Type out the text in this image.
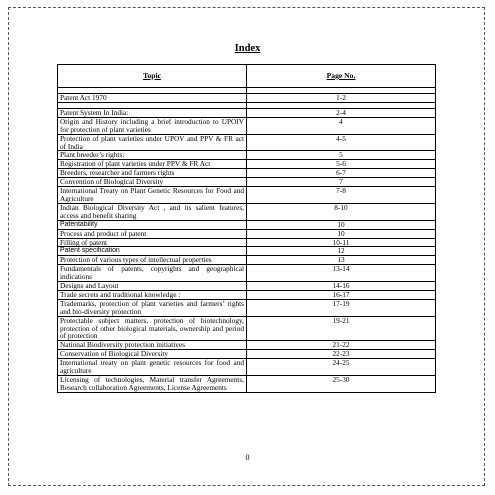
Index
Topic	Page No.

Patent Act 1970	1-2

Patent System In India:	2-4
Origin and History including a brief introduction to UPOIV for protection of plant varieties	4
Protection of plant varieties under UPOV and PPV & FR act of India	4-5
Plant breeder’s rights:	5
Registration of plant varieties under PPV & FR Act	5-6
Breeders, researcher and farmers rights	6-7
Convention of Biological Diversity	7
International Treaty on Plant Genetic Resources for Food and Agriculture	7-8
Indian Biological Diversity Act , and its salient features, access and benefit sharing	8-10
Patentability	10
Process and product of patent	10
Filling of patent	10-11
Patent specification	12
Protection of various types of intellectual properties	13
Fundamentals of patents, copyrights and geographical indications	13-14
Designs and Layout	14-16
Trade secrets and traditional knowledge :	16-17
Trademarks, protection of plant varieties and farmers’ rights and bio-diversity protection	17-19
Protectable subject matters, protection of biotechnology, protection of other biological materials, ownership and period of protection	19-21
National Biodiversity protection initiatives	21-22
Conservation of Biological Diversity	22-23
International treaty on plant genetic resources for food and agriculture	24-25
Licensing of technologies, Material transfer Agreements, Research collaboration Agreements, License Agreements	25-30
0
